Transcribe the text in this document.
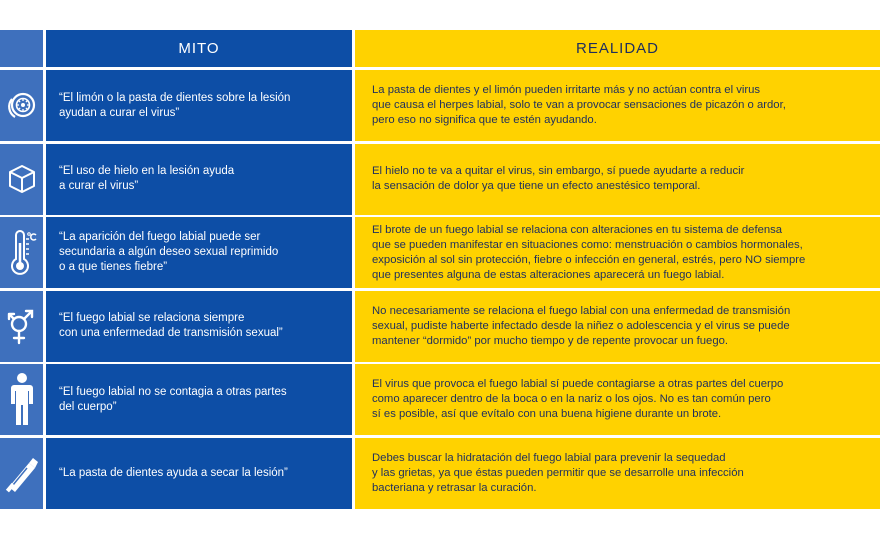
MITO	REALIDAD
“El limón o la pasta de dientes sobre la lesión
ayudan a curar el virus”
La pasta de dientes y el limón pueden irritarte más y no actúan contra el virus
que causa el herpes labial, solo te van a provocar sensaciones de picazón o ardor,
pero eso no significa que te estén ayudando.
“El uso de hielo en la lesión ayuda
a curar el virus”
El hielo no te va a quitar el virus, sin embargo, sí puede ayudarte a reducir
la sensación de dolor ya que tiene un efecto anestésico temporal.
“La aparición del fuego labial puede ser
secundaria a algún deseo sexual reprimido
o a que tienes fiebre”
El brote de un fuego labial se relaciona con alteraciones en tu sistema de defensa
que se pueden manifestar en situaciones como: menstruación o cambios hormonales,
exposición al sol sin protección, fiebre o infección en general, estrés, pero NO siempre
que presentes alguna de estas alteraciones aparecerá un fuego labial.
“El fuego labial se relaciona siempre
con una enfermedad de transmisión sexual”
No necesariamente se relaciona el fuego labial con una enfermedad de transmisión
sexual, pudiste haberte infectado desde la niñez o adolescencia y el virus se puede
mantener “dormido” por mucho tiempo y de repente provocar un fuego.
“El fuego labial no se contagia a otras partes
del cuerpo”
El virus que provoca el fuego labial sí puede contagiarse a otras partes del cuerpo
como aparecer dentro de la boca o en la nariz o los ojos. No es tan común pero
sí es posible, así que evítalo con una buena higiene durante un brote.
“La pasta de dientes ayuda a secar la lesión”
Debes buscar la hidratación del fuego labial para prevenir la sequedad
y las grietas, ya que éstas pueden permitir que se desarrolle una infección
bacteriana y retrasar la curación.
